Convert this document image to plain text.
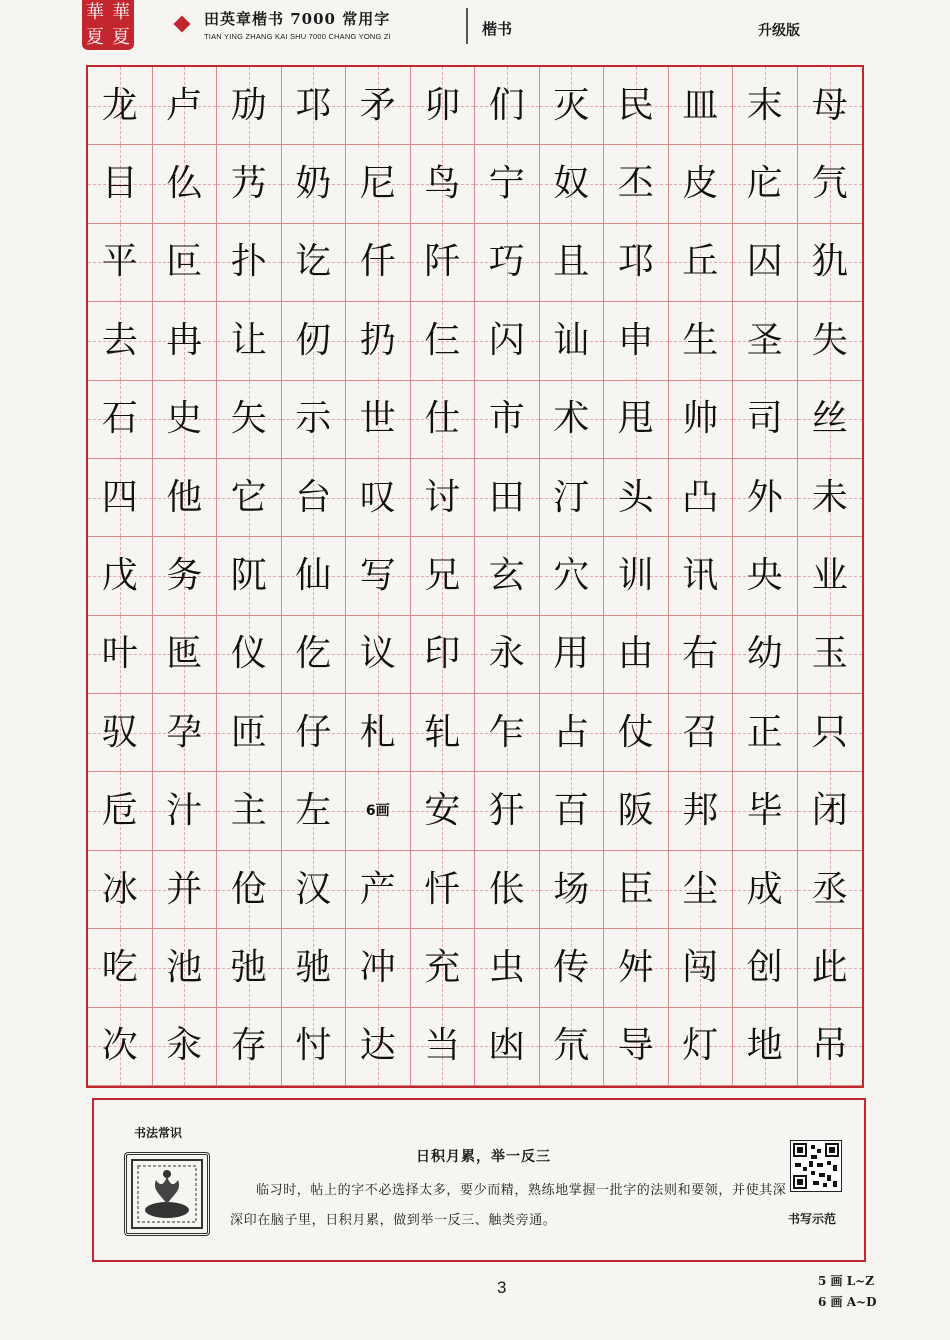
華 華
夏 夏
田英章楷书 7000 常用字
TIAN YING ZHANG KAI SHU 7000 CHANG YONG ZI	楷书	升级版
龙 卢 劢 邛 矛 卯 们 灭 民 皿 末 母
目 仫 艿 奶 尼 鸟 宁 奴 丕 皮 庀 氕
平 叵 扑 讫 仟 阡 巧 且 邛 丘 囚 犰
去 冉 让 仞 扔 仨 闪 讪 申 生 圣 失
石 史 矢 示 世 仕 市 术 甩 帅 司 丝
四 他 它 台 叹 讨 田 汀 头 凸 外 未
戊 务 阢 仙 写 兄 玄 穴 训 讯 央 业
叶 匜 仪 仡 议 印 永 用 由 右 幼 玉
驭 孕 匝 仔 札 轧 乍 占 仗 召 正 只
卮 汁 主 左 6画 安 犴 百 阪 邦 毕 闭
冰 并 伧 汉 产 忏 伥 场 臣 尘 成 丞
吃 池 弛 驰 冲 充 虫 传 舛 闯 创 此
次 汆 存 忖 达 当 凼 氘 导 灯 地 吊
书法常识
日积月累，举一反三
临习时，帖上的字不必选择太多，要少而精，熟练地掌握一批字的法则和要领，并使其深深印在脑子里，日积月累，做到举一反三、触类旁通。	书写示范
3	5 画 L~Z
6 画 A~D
